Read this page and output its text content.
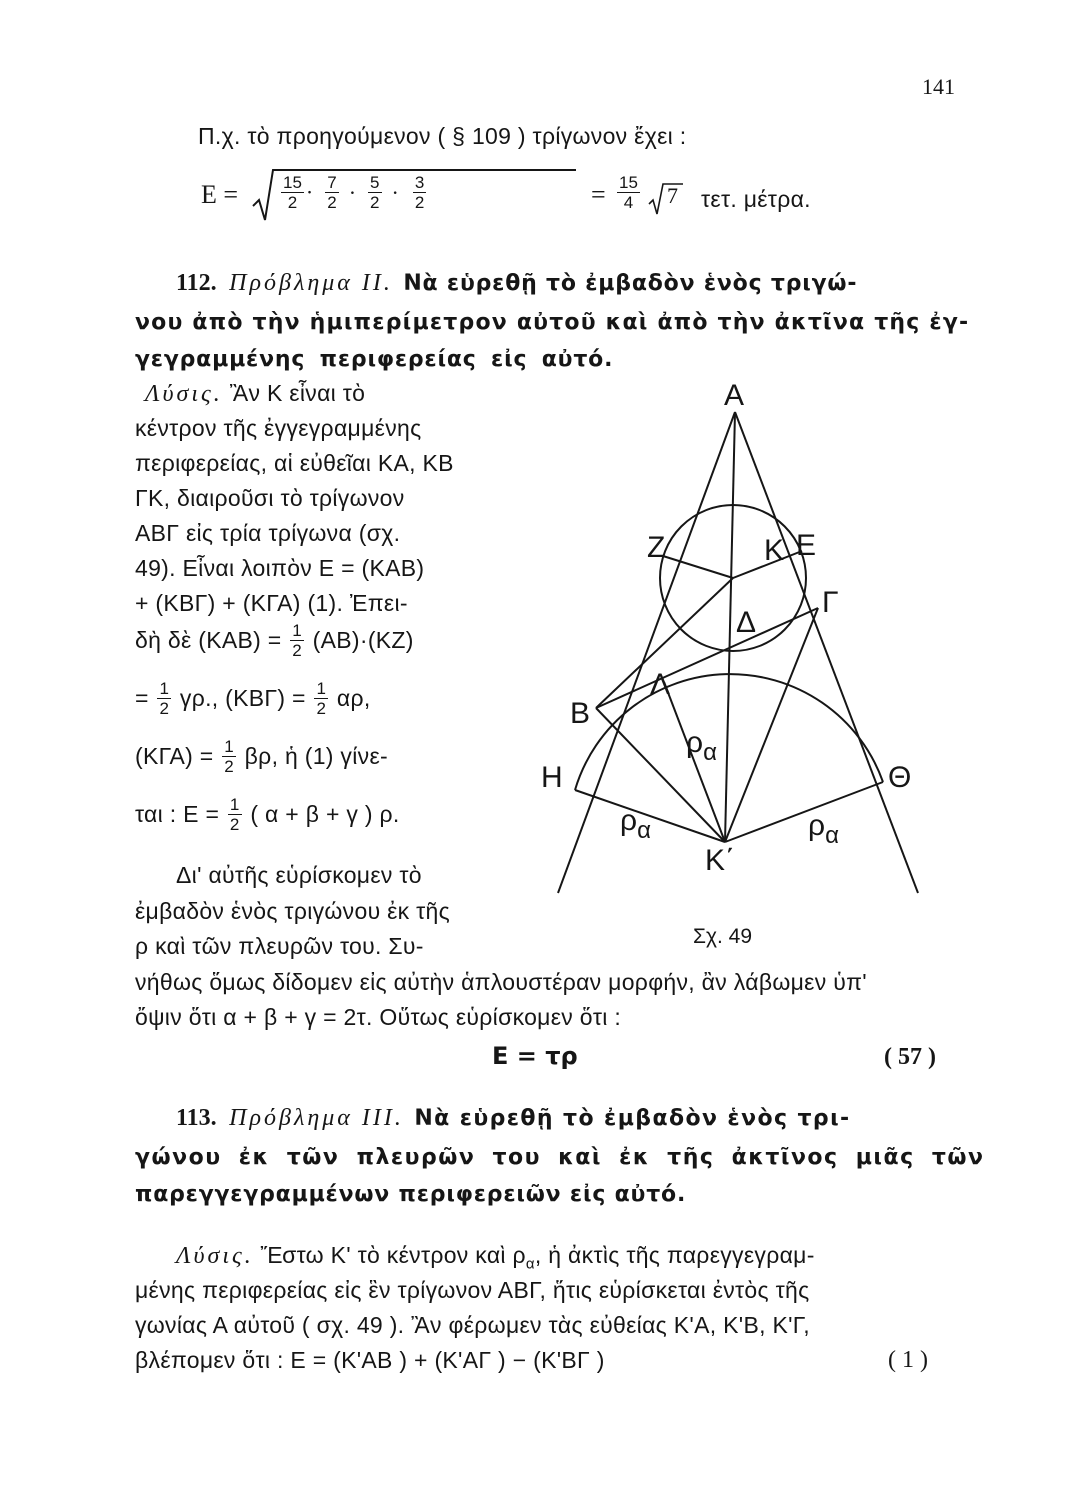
141
Π.χ. τὸ προηγούμενον ( § 109 ) τρίγωνον ἔχει :
E =	$\frac{15}{2} \cdot \frac{7}{2} \cdot \frac{5}{2} \cdot \frac{3}{2}$	= $\frac{15}{4} 7$ τετ. μέτρα.
112. Πρόβλημα II. Νὰ εὑρεθῇ τὸ ἐμβαδὸν ἑνὸς τριγώ-
νου ἀπὸ τὴν ἡμιπερίμετρον αὐτοῦ καὶ ἀπὸ τὴν ἀκτῖνα τῆς ἐγ-
γεγραμμένης περιφερείας εἰς αὐτό.
Λύσις. Ἂν Κ εἶναι τὸ
κέντρον τῆς ἐγγεγραμμένης
περιφερείας, αἱ εὐθεῖαι ΚΑ, ΚΒ
ΓΚ, διαιροῦσι τὸ τρίγωνον
ΑΒΓ εἰς τρία τρίγωνα (σχ.
49). Εἶναι λοιπὸν Ε = (ΚΑΒ)
+ (ΚΒΓ) + (ΚΓΑ) (1). Ἐπει-
δὴ δὲ $(KAB) = \frac{1}{2} (AB)\cdot(KZ)$
= $\frac{1}{2} \gamma\rho$., $(KB\Gamma) = \frac{1}{2} \alpha\rho$,
$(K\Gamma A) = \frac{1}{2} \beta\rho$, ἡ (1) γίνε-
ται : $E = \frac{1}{2}$ ( α + β + γ ) ρ.
Δι' αὐτῆς εὑρίσκομεν τὸ
ἐμβαδὸν ἑνὸς τριγώνου ἐκ τῆς
ρ καὶ τῶν πλευρῶν του. Συ-
νήθως ὅμως δίδομεν εἰς αὐτὴν ἁπλουστέραν μορφήν, ἂν λάβωμεν ὑπ'
ὄψιν ὅτι α + β + γ = 2τ. Οὕτως εὑρίσκομεν ὅτι :
Ε = τρ	( 57 )
Α
Ζ	Κ Ε
Γ
Δ
Λ
Β
Η	Θ
Κ΄
$\rho_\alpha$
$\rho_\alpha$	$\rho_\alpha$
Σχ. 49
113. Πρόβλημα III. Νὰ εὑρεθῇ τὸ ἐμβαδὸν ἑνὸς τρι-
γώνου ἐκ τῶν πλευρῶν του καὶ ἐκ τῆς ἀκτῖνος μιᾶς τῶν
παρεγγεγραμμένων περιφερειῶν εἰς αὐτό.
Λύσις. Ἔστω Κ' τὸ κέντρον καὶ $\rho_\alpha$, ἡ ἀκτὶς τῆς παρεγγεγραμ-
μένης περιφερείας εἰς ἓν τρίγωνον ΑΒΓ, ἥτις εὑρίσκεται ἐντὸς τῆς
γωνίας Α αὐτοῦ ( σχ. 49 ). Ἂν φέρωμεν τὰς εὐθείας Κ'Α, Κ'Β, Κ'Γ,
βλέπομεν ὅτι : Ε = (Κ'ΑΒ ) + (Κ'ΑΓ ) − (Κ'ΒΓ )	( 1 )
